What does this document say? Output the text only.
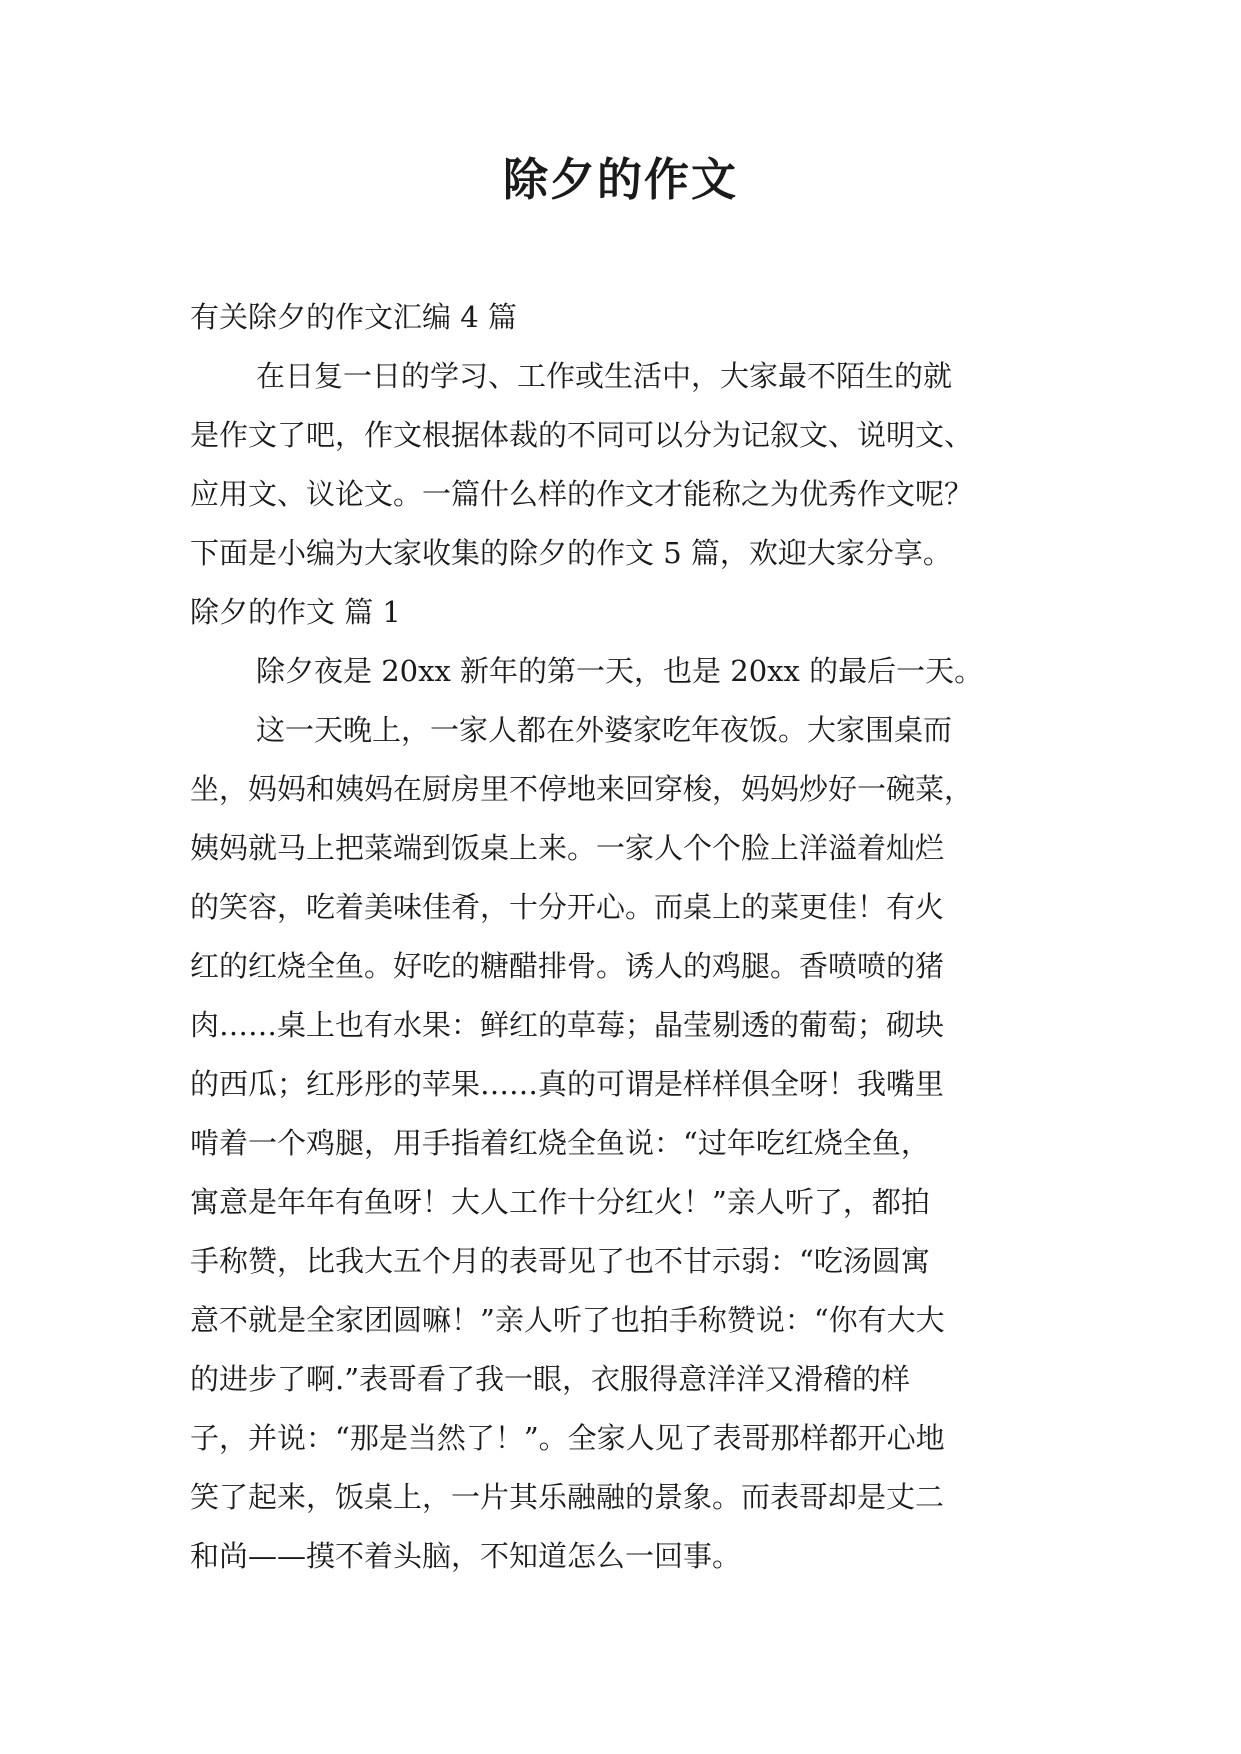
除夕的作文
有关除夕的作文汇编 4 篇
在日复一日的学习、工作或生活中，大家最不陌生的就
是作文了吧，作文根据体裁的不同可以分为记叙文、说明文、
应用文、议论文。一篇什么样的作文才能称之为优秀作文呢？
下面是小编为大家收集的除夕的作文 5 篇，欢迎大家分享。
除夕的作文 篇 1
除夕夜是 20xx 新年的第一天，也是 20xx 的最后一天。
这一天晚上，一家人都在外婆家吃年夜饭。大家围桌而
坐，妈妈和姨妈在厨房里不停地来回穿梭，妈妈炒好一碗菜，
姨妈就马上把菜端到饭桌上来。一家人个个脸上洋溢着灿烂
的笑容，吃着美味佳肴，十分开心。而桌上的菜更佳！有火
红的红烧全鱼。好吃的糖醋排骨。诱人的鸡腿。香喷喷的猪
肉……桌上也有水果：鲜红的草莓；晶莹剔透的葡萄；砌块
的西瓜；红彤彤的苹果……真的可谓是样样俱全呀！我嘴里
啃着一个鸡腿，用手指着红烧全鱼说：“过年吃红烧全鱼，
寓意是年年有鱼呀！大人工作十分红火！”亲人听了，都拍
手称赞，比我大五个月的表哥见了也不甘示弱：“吃汤圆寓
意不就是全家团圆嘛！”亲人听了也拍手称赞说：“你有大大
的进步了啊.”表哥看了我一眼，衣服得意洋洋又滑稽的样
子，并说：“那是当然了！”。全家人见了表哥那样都开心地
笑了起来，饭桌上，一片其乐融融的景象。而表哥却是丈二
和尚——摸不着头脑，不知道怎么一回事。
